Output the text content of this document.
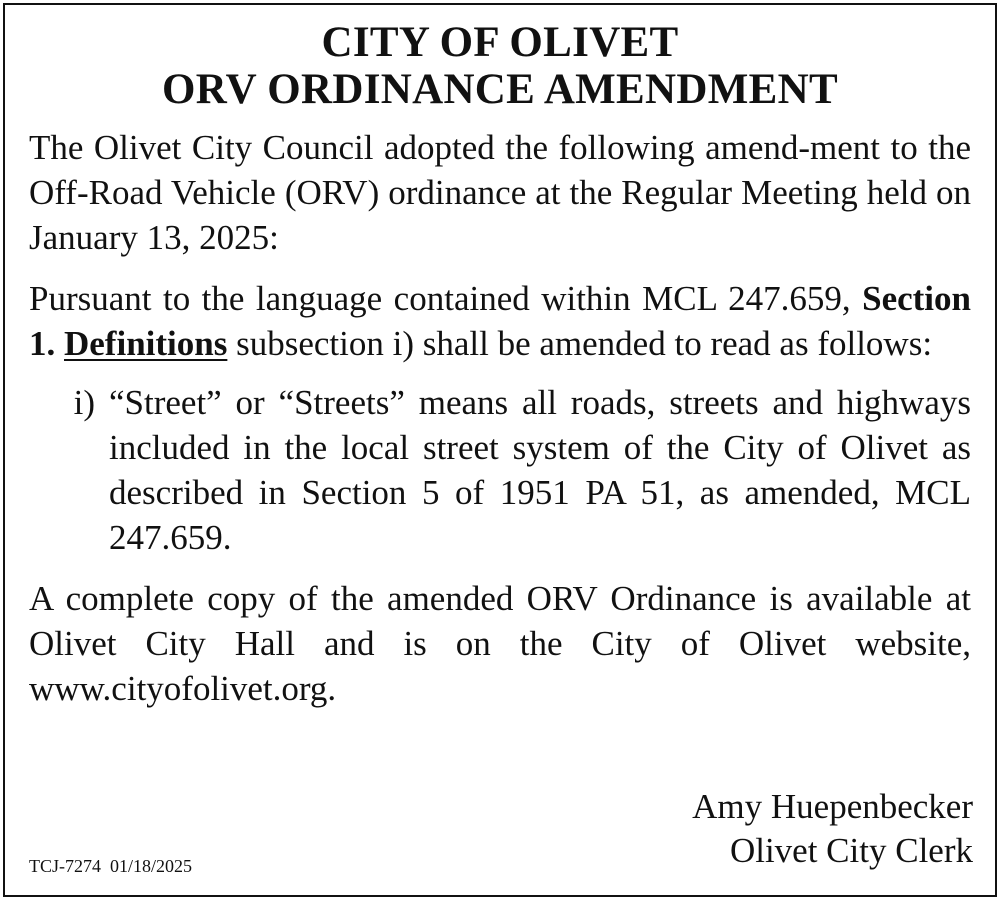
CITY OF OLIVET
ORV ORDINANCE AMENDMENT

The Olivet City Council adopted the following amend-ment to the Off-Road Vehicle (ORV) ordinance at the Regular Meeting held on January 13, 2025:

Pursuant to the language contained within MCL 247.659, Section 1. Definitions subsection i) shall be amended to read as follows:

i) “Street” or “Streets” means all roads, streets and highways included in the local street system of the City of Olivet as described in Section 5 of 1951 PA 51, as amended, MCL 247.659.

A complete copy of the amended ORV Ordinance is available at Olivet City Hall and is on the City of Olivet website, www.cityofolivet.org.

Amy Huepenbecker
Olivet City Clerk
TCJ-7274  01/18/2025
